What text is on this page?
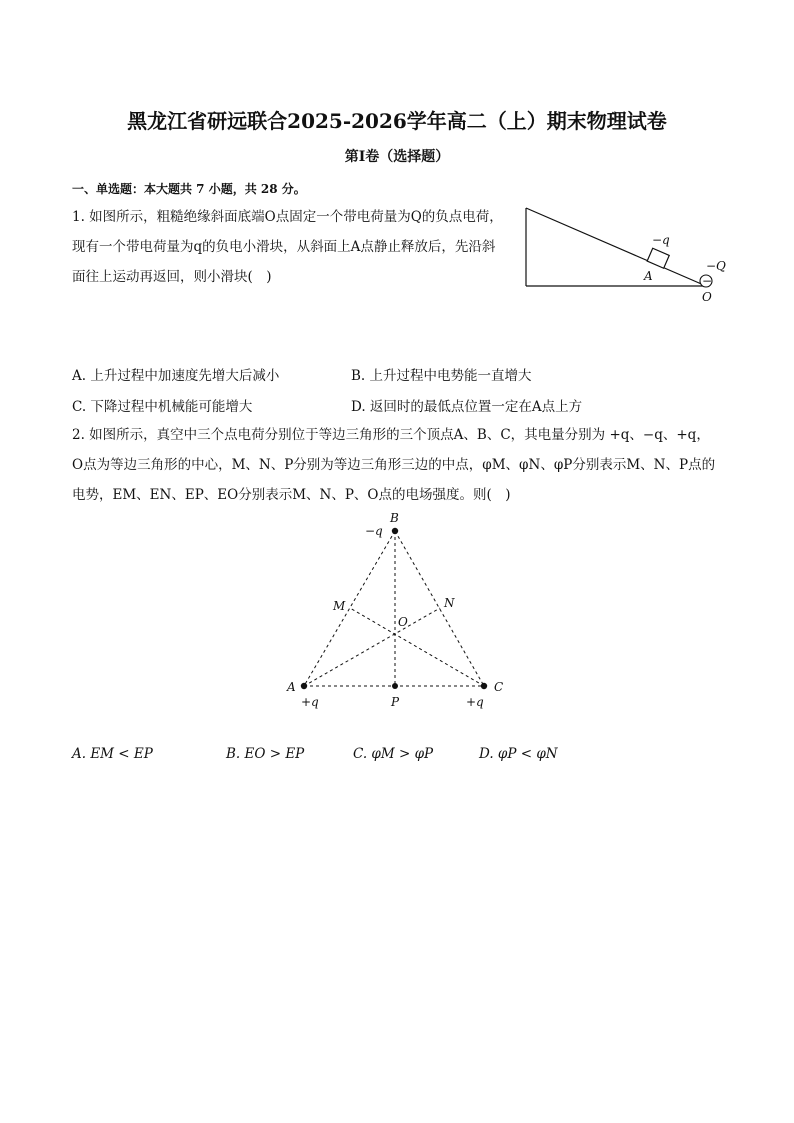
黑龙江省研远联合2025-2026学年高二（上）期末物理试卷
第Ⅰ卷（选择题）
一、单选题：本大题共 7 小题，共 28 分。
1. 如图所示，粗糙绝缘斜面底端O点固定一个带电荷量为Q的负点电荷，
现有一个带电荷量为q的负电小滑块，从斜面上A点静止释放后，先沿斜
面往上运动再返回，则小滑块(　)	−
−q
−Q
A
O
A. 上升过程中加速度先增大后减小	B. 上升过程中电势能一直增大
C. 下降过程中机械能可能增大	D. 返回时的最低点位置一定在A点上方
2. 如图所示，真空中三个点电荷分别位于等边三角形的三个顶点A、B、C，其电量分别为 +q、−q、+q，
O点为等边三角形的中心，M、N、P分别为等边三角形三边的中点，φM、φN、φP分别表示M、N、P点的
电势，EM、EN、EP、EO分别表示M、N、P、O点的电场强度。则(　)
B
−q
A
+q
C
+q
M	N
O
P
A. EM < EP	B. EO > EP	C. φM > φP	D. φP < φN
